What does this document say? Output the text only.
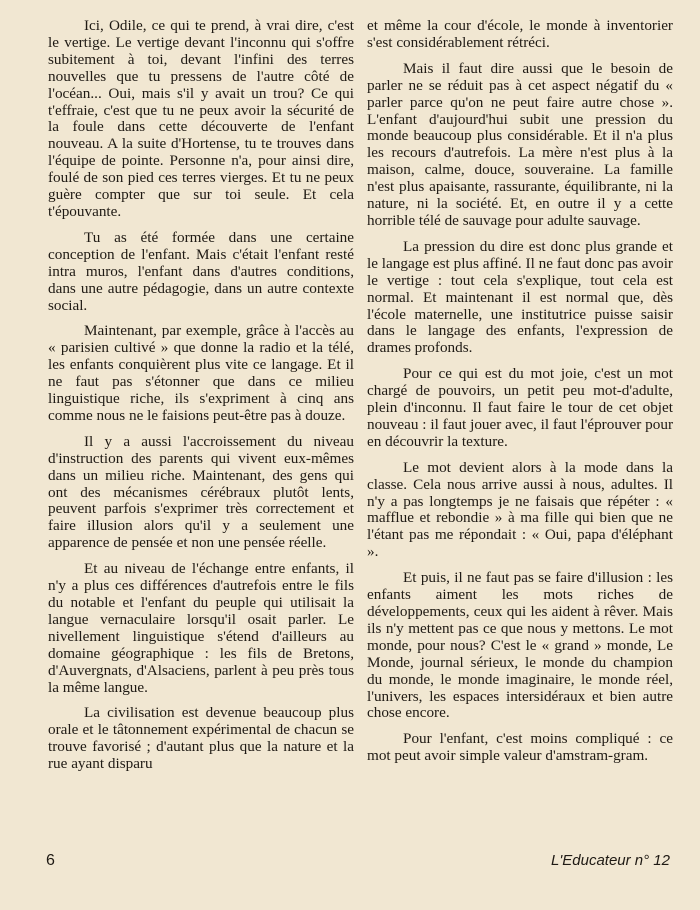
Ici, Odile, ce qui te prend, à vrai dire, c'est le vertige. Le vertige devant l'inconnu qui s'offre subitement à toi, devant l'infini des terres nouvelles que tu pressens de l'autre côté de l'océan... Oui, mais s'il y avait un trou? Ce qui t'effraie, c'est que tu ne peux avoir la sécurité de la foule dans cette découverte de l'enfant nouveau. A la suite d'Hortense, tu te trouves dans l'équipe de pointe. Personne n'a, pour ainsi dire, foulé de son pied ces terres vierges. Et tu ne peux guère compter que sur toi seule. Et cela t'épouvante.

Tu as été formée dans une certaine conception de l'enfant. Mais c'était l'enfant resté intra muros, l'enfant dans d'autres conditions, dans une autre pédagogie, dans un autre contexte social.

Maintenant, par exemple, grâce à l'accès au « parisien cultivé » que donne la radio et la télé, les enfants conquièrent plus vite ce langage. Et il ne faut pas s'étonner que dans ce milieu linguistique riche, ils s'expriment à cinq ans comme nous ne le faisions peut-être pas à douze.

Il y a aussi l'accroissement du niveau d'instruction des parents qui vivent eux-mêmes dans un milieu riche. Maintenant, des gens qui ont des mécanismes cérébraux plutôt lents, peuvent parfois s'exprimer très correctement et faire illusion alors qu'il y a seulement une apparence de pensée et non une pensée réelle.

Et au niveau de l'échange entre enfants, il n'y a plus ces différences d'autrefois entre le fils du notable et l'enfant du peuple qui utilisait la langue vernaculaire lorsqu'il osait parler. Le nivellement linguistique s'étend d'ailleurs au domaine géographique : les fils de Bretons, d'Auvergnats, d'Alsaciens, parlent à peu près tous la même langue.

La civilisation est devenue beaucoup plus orale et le tâtonnement expérimental de chacun se trouve favorisé ; d'autant plus que la nature et la rue ayant disparu

et même la cour d'école, le monde à inventorier s'est considérablement rétréci.

Mais il faut dire aussi que le besoin de parler ne se réduit pas à cet aspect négatif du « parler parce qu'on ne peut faire autre chose ». L'enfant d'aujourd'hui subit une pression du monde beaucoup plus considérable. Et il n'a plus les recours d'autrefois. La mère n'est plus à la maison, calme, douce, souveraine. La famille n'est plus apaisante, rassurante, équilibrante, ni la nature, ni la société. Et, en outre il y a cette horrible télé de sauvage pour adulte sauvage.

La pression du dire est donc plus grande et le langage est plus affiné. Il ne faut donc pas avoir le vertige : tout cela s'explique, tout cela est normal. Et maintenant il est normal que, dès l'école maternelle, une institutrice puisse saisir dans le langage des enfants, l'expression de drames profonds.

Pour ce qui est du mot joie, c'est un mot chargé de pouvoirs, un petit peu mot-d'adulte, plein d'inconnu. Il faut faire le tour de cet objet nouveau : il faut jouer avec, il faut l'éprouver pour en découvrir la texture.

Le mot devient alors à la mode dans la classe. Cela nous arrive aussi à nous, adultes. Il n'y a pas longtemps je ne faisais que répéter : « mafflue et rebondie » à ma fille qui bien que ne l'étant pas me répondait : « Oui, papa d'éléphant ».

Et puis, il ne faut pas se faire d'illusion : les enfants aiment les mots riches de développements, ceux qui les aident à rêver. Mais ils n'y mettent pas ce que nous y mettons. Le mot monde, pour nous? C'est le « grand » monde, Le Monde, journal sérieux, le monde du champion du monde, le monde imaginaire, le monde réel, l'univers, les espaces intersidéraux et bien autre chose encore.

Pour l'enfant, c'est moins compliqué : ce mot peut avoir simple valeur d'amstram-gram.

6	L'Educateur n° 12
